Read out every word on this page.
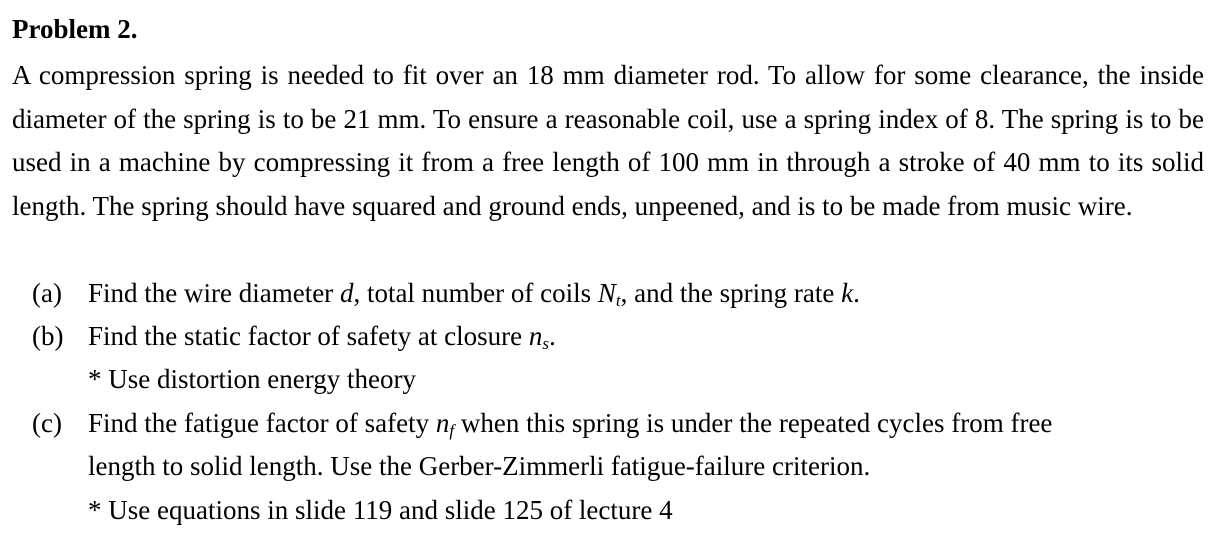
Problem 2.
A compression spring is needed to fit over an 18 mm diameter rod. To allow for some clearance, the inside diameter of the spring is to be 21 mm. To ensure a reasonable coil, use a spring index of 8. The spring is to be used in a machine by compressing it from a free length of 100 mm in through a stroke of 40 mm to its solid length. The spring should have squared and ground ends, unpeened, and is to be made from music wire.
(a) Find the wire diameter d, total number of coils $N_t$, and the spring rate k.
(b) Find the static factor of safety at closure $n_s$.
* Use distortion energy theory
(c) Find the fatigue factor of safety $n_f$ when this spring is under the repeated cycles from free
length to solid length. Use the Gerber-Zimmerli fatigue-failure criterion.
* Use equations in slide 119 and slide 125 of lecture 4
